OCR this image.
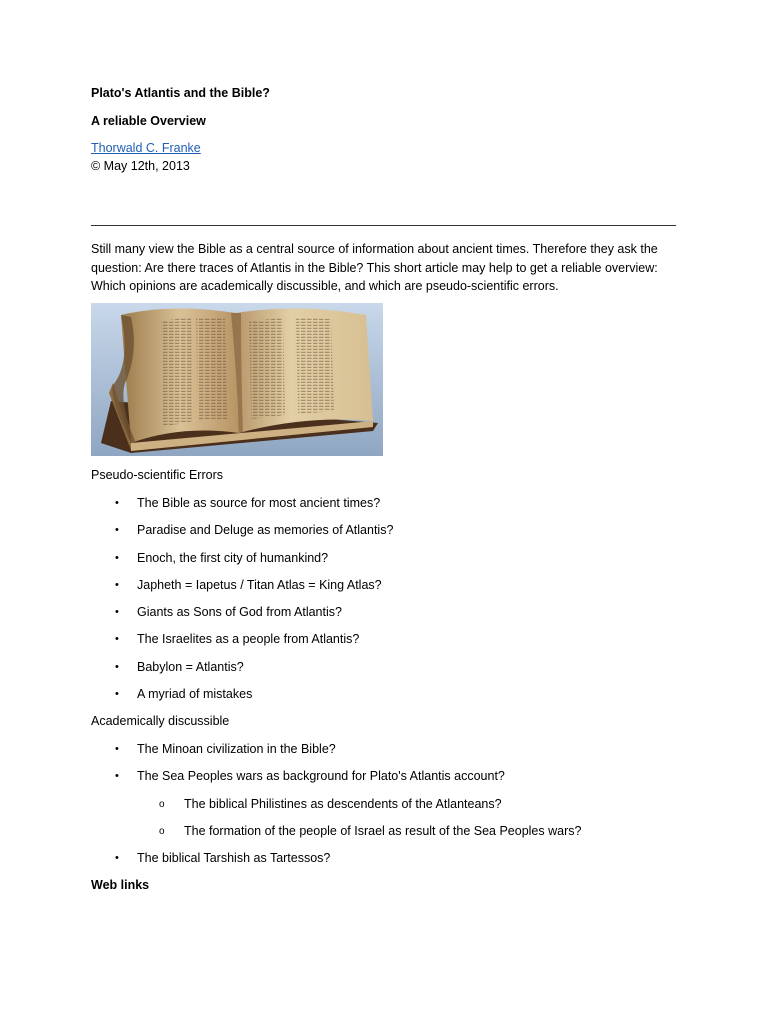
Plato's Atlantis and the Bible?
A reliable Overview
Thorwald C. Franke
© May 12th, 2013
Still many view the Bible as a central source of information about ancient times. Therefore they ask the question: Are there traces of Atlantis in the Bible? This short article may help to get a reliable overview: Which opinions are academically discussible, and which are pseudo-scientific errors.
Pseudo-scientific Errors
• The Bible as source for most ancient times?
• Paradise and Deluge as memories of Atlantis?
• Enoch, the first city of humankind?
• Japheth = Iapetus / Titan Atlas = King Atlas?
• Giants as Sons of God from Atlantis?
• The Israelites as a people from Atlantis?
• Babylon = Atlantis?
• A myriad of mistakes
Academically discussible
• The Minoan civilization in the Bible?
• The Sea Peoples wars as background for Plato's Atlantis account?
o The biblical Philistines as descendents of the Atlanteans?
o The formation of the people of Israel as result of the Sea Peoples wars?
• The biblical Tarshish as Tartessos?
Web links
